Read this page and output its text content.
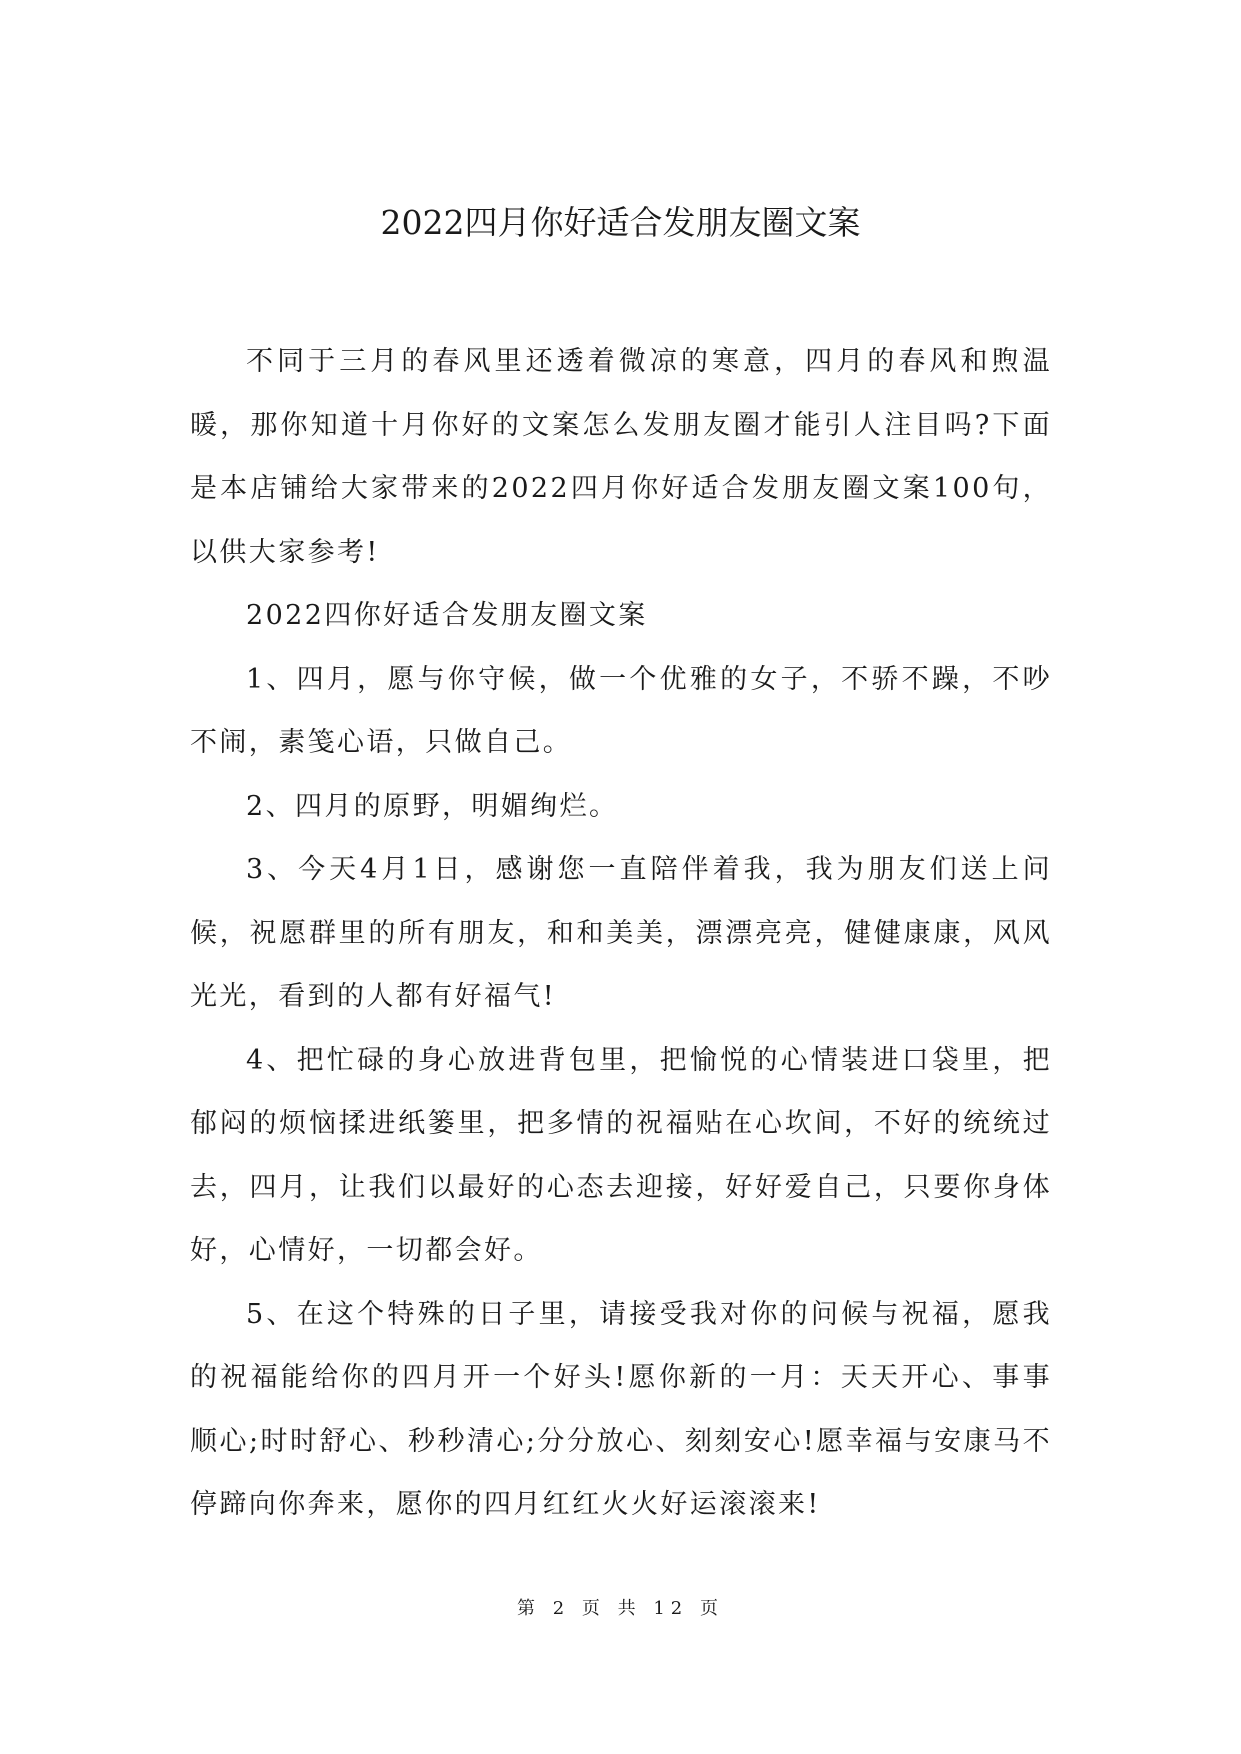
2022四月你好适合发朋友圈文案

不同于三月的春风里还透着微凉的寒意，四月的春风和煦温暖，那你知道十月你好的文案怎么发朋友圈才能引人注目吗?下面是本店铺给大家带来的2022四月你好适合发朋友圈文案100句，以供大家参考!

2022四你好适合发朋友圈文案

1、四月，愿与你守候，做一个优雅的女子，不骄不躁，不吵不闹，素笺心语，只做自己。

2、四月的原野，明媚绚烂。

3、今天4月1日，感谢您一直陪伴着我，我为朋友们送上问候，祝愿群里的所有朋友，和和美美，漂漂亮亮，健健康康，风风光光，看到的人都有好福气!

4、把忙碌的身心放进背包里，把愉悦的心情装进口袋里，把郁闷的烦恼揉进纸篓里，把多情的祝福贴在心坎间，不好的统统过去，四月，让我们以最好的心态去迎接，好好爱自己，只要你身体好，心情好，一切都会好。

5、在这个特殊的日子里，请接受我对你的问候与祝福，愿我的祝福能给你的四月开一个好头!愿你新的一月：天天开心、事事顺心;时时舒心、秒秒清心;分分放心、刻刻安心!愿幸福与安康马不停蹄向你奔来，愿你的四月红红火火好运滚滚来!

第 2 页 共 12 页
